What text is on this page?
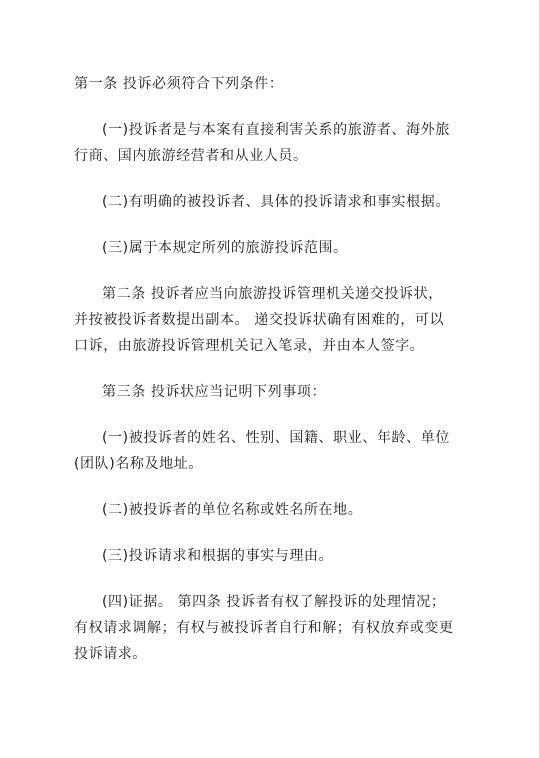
第一条 投诉必须符合下列条件：

(一)投诉者是与本案有直接利害关系的旅游者、海外旅
行商、国内旅游经营者和从业人员。

(二)有明确的被投诉者、具体的投诉请求和事实根据。

(三)属于本规定所列的旅游投诉范围。

第二条 投诉者应当向旅游投诉管理机关递交投诉状，
并按被投诉者数提出副本。 递交投诉状确有困难的，可以
口诉，由旅游投诉管理机关记入笔录，并由本人签字。

第三条 投诉状应当记明下列事项：

(一)被投诉者的姓名、性别、国籍、职业、年龄、单位
(团队)名称及地址。

(二)被投诉者的单位名称或姓名所在地。

(三)投诉请求和根据的事实与理由。

(四)证据。 第四条 投诉者有权了解投诉的处理情况；
有权请求调解；有权与被投诉者自行和解；有权放弃或变更
投诉请求。
